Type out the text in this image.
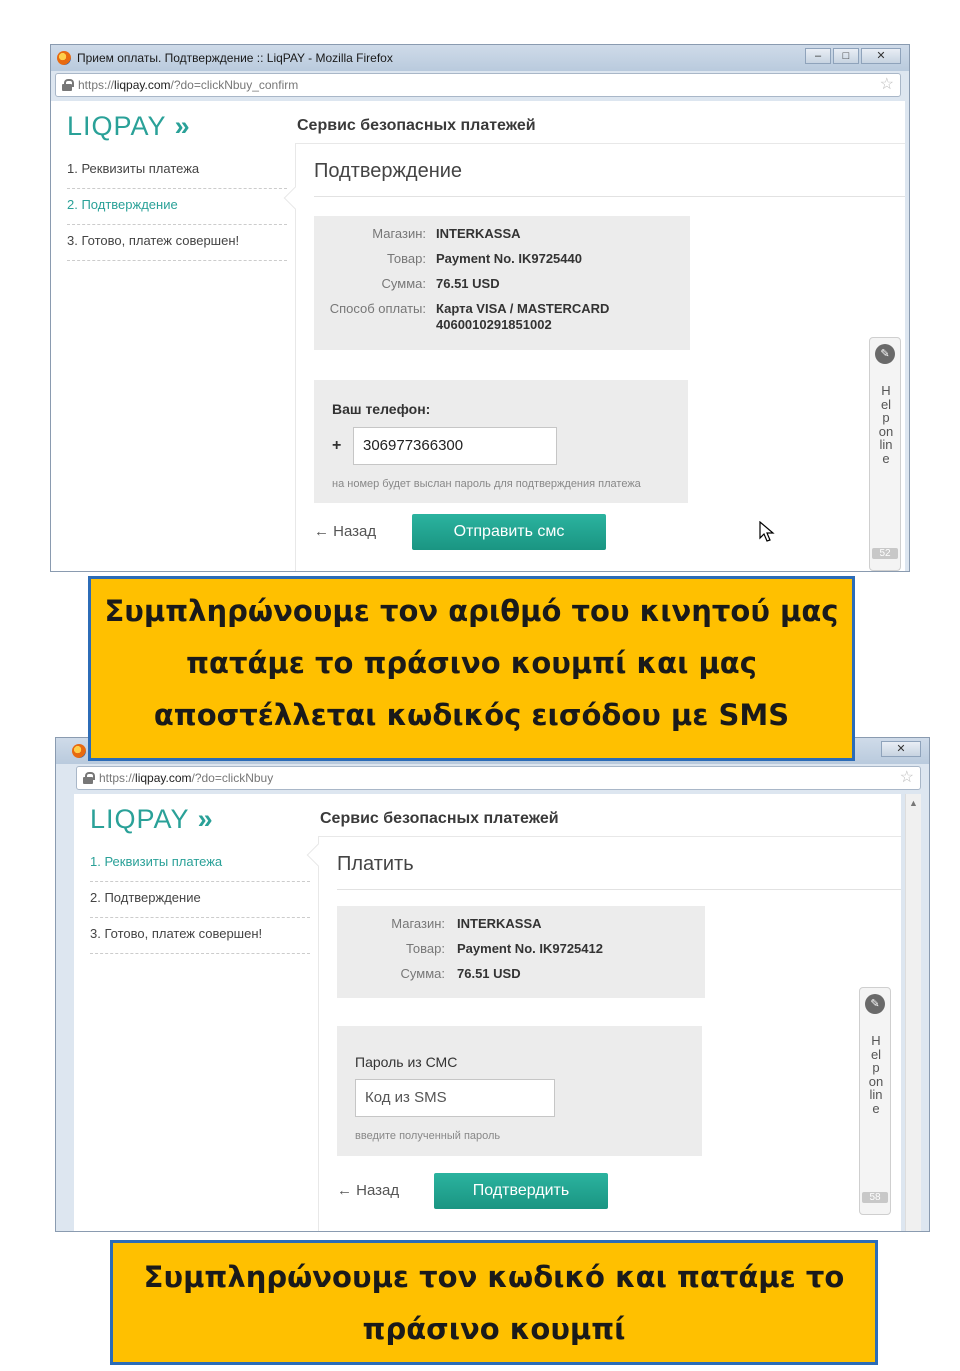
Прием оплаты. Подтверждение :: LiqPAY - Mozilla Firefox	–	□	✕
https://liqpay.com/?do=clickNbuy_confirm	☆
LIQPAY »	Сервис безопасных платежей
1. Реквизиты платежа
2. Подтверждение
3. Готово, платеж совершен!
Подтверждение
Магазин: INTERKASSA
Товар: Payment No. IK9725440
Сумма: 76.51 USD
Способ оплаты: Карта VISA / MASTERCARD
4060010291851002
Ваш телефон:
+	306977366300
на номер будет выслан пароль для подтверждения платежа
← Назад	Отправить смс
✎
Help online
52
✕
https://liqpay.com/?do=clickNbuy	☆
▲
LIQPAY »	Сервис безопасных платежей
1. Реквизиты платежа
2. Подтверждение
3. Готово, платеж совершен!
Платить
Магазин: INTERKASSA
Товар: Payment No. IK9725412
Сумма: 76.51 USD
Пароль из СМС
Код из SMS
введите полученный пароль
← Назад	Подтвердить
✎
Help online
58
Συμπληρώνουμε τον αριθμό του κινητού μας
πατάμε το πράσινο κουμπί και μας
αποστέλλεται κωδικός εισόδου με SMS
Συμπληρώνουμε τον κωδικό και πατάμε το
πράσινο κουμπί
